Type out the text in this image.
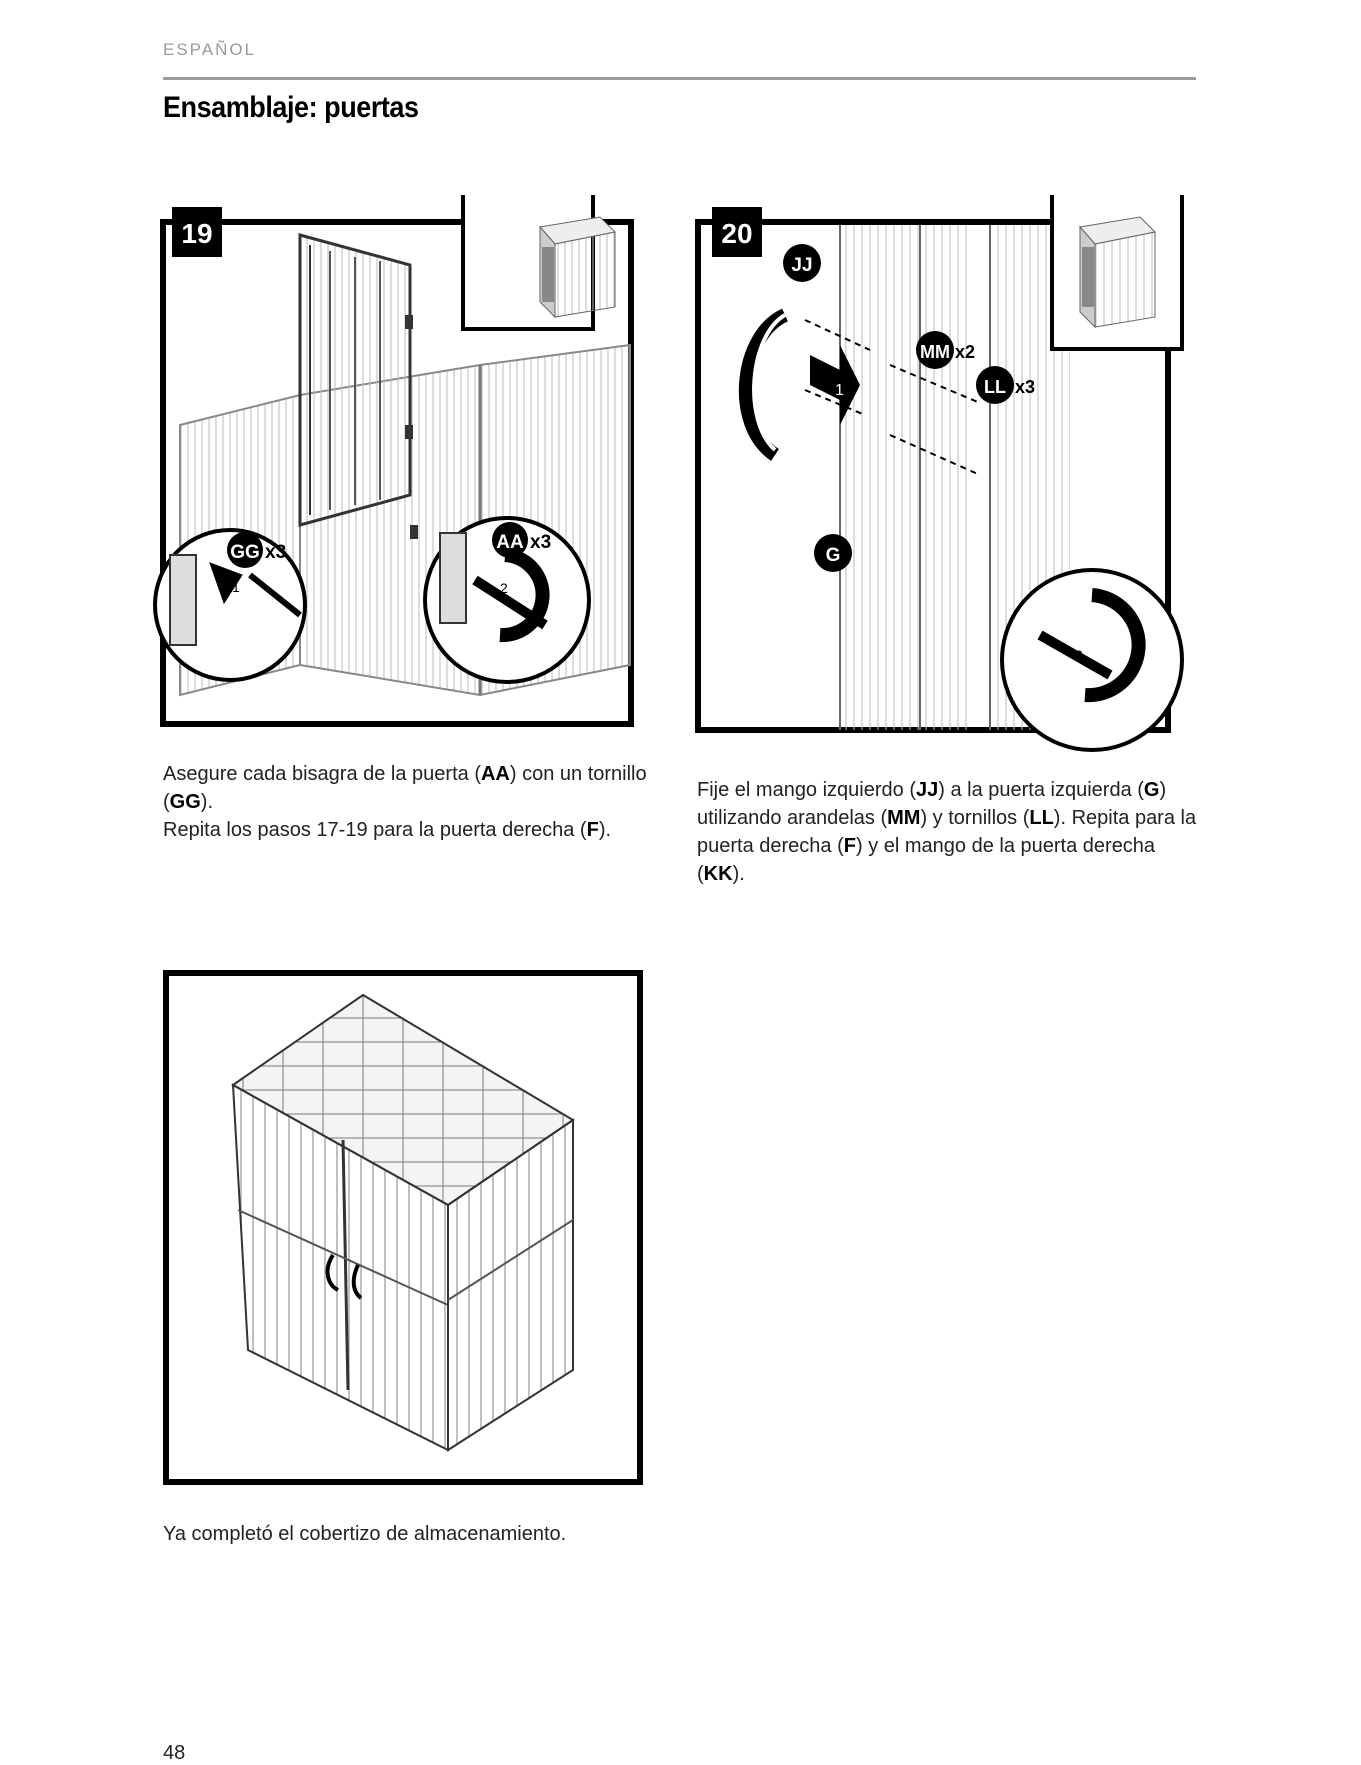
ESPAÑOL
Ensamblaje: puertas
19
GG x3
1
AA x3
2
1
20
JJ
MM x2
LL x3
G
2
Asegure cada bisagra de la puerta (AA) con un tornillo (GG).
Repita los pasos 17-19 para la puerta derecha (F).
Fije el mango izquierdo (JJ) a la puerta izquierda (G)
utilizando arandelas (MM) y tornillos (LL). Repita para la
puerta derecha (F) y el mango de la puerta derecha (KK).
Ya completó el cobertizo de almacenamiento.
48
